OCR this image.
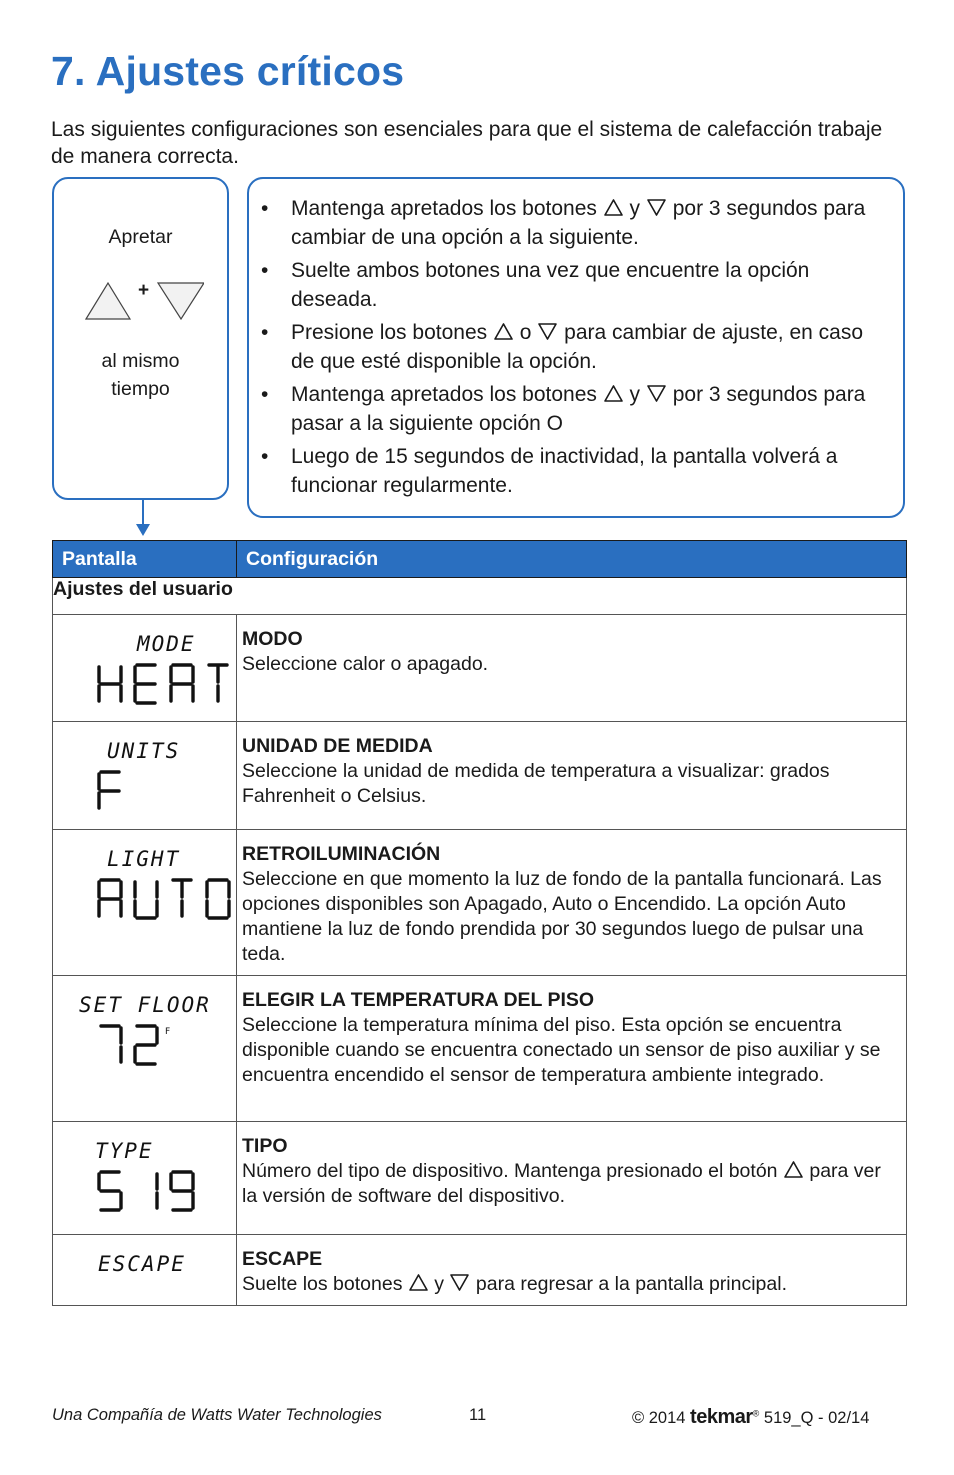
7. Ajustes críticos
Las siguientes configuraciones son esenciales para que el sistema de calefacción trabaje de manera correcta.
Apretar
+
al mismo
tiempo
•	Mantenga apretados los botones  y  por 3 segundos para cambiar de una opción a la siguiente.
•	Suelte ambos botones una vez que encuentre la opción deseada.
•	Presione los botones  o  para cambiar de ajuste, en caso de que esté disponible la opción.
•	Mantenga apretados los botones  y  por 3 segundos para pasar a la siguiente opción O
•	Luego de 15 segundos de inactividad, la pantalla volverá a funcionar regularmente.
Pantalla	Configuración
Ajustes del usuario	

MODE	MODO
Seleccione calor o apagado.

UNITS	UNIDAD DE MEDIDA
Seleccione la unidad de medida de temperatura a visualizar: grados Fahrenheit o Celsius.

LIGHT	RETROILUMINACIÓN
Seleccione en que momento la luz de fondo de la pantalla funcionará. Las opciones disponibles son Apagado, Auto o Encendido. La opción Auto mantiene la luz de fondo prendida por 30 segundos luego de pulsar una teda.

SET FLOOR
F	ELEGIR LA TEMPERATURA DEL PISO
Seleccione la temperatura mínima del piso. Esta opción se encuentra disponible cuando se encuentra conectado un sensor de piso auxiliar y se encuentra encendido el sensor de temperatura ambiente integrado.

TYPE	TIPO
Número del tipo de dispositivo. Mantenga presionado el botón  para ver la versión de software del dispositivo.

ESCAPE	ESCAPE
Suelte los botones  y  para regresar a la pantalla principal.
Una Compañía de Watts Water Technologies	11	© 2014 tekmar® 519_Q - 02/14
